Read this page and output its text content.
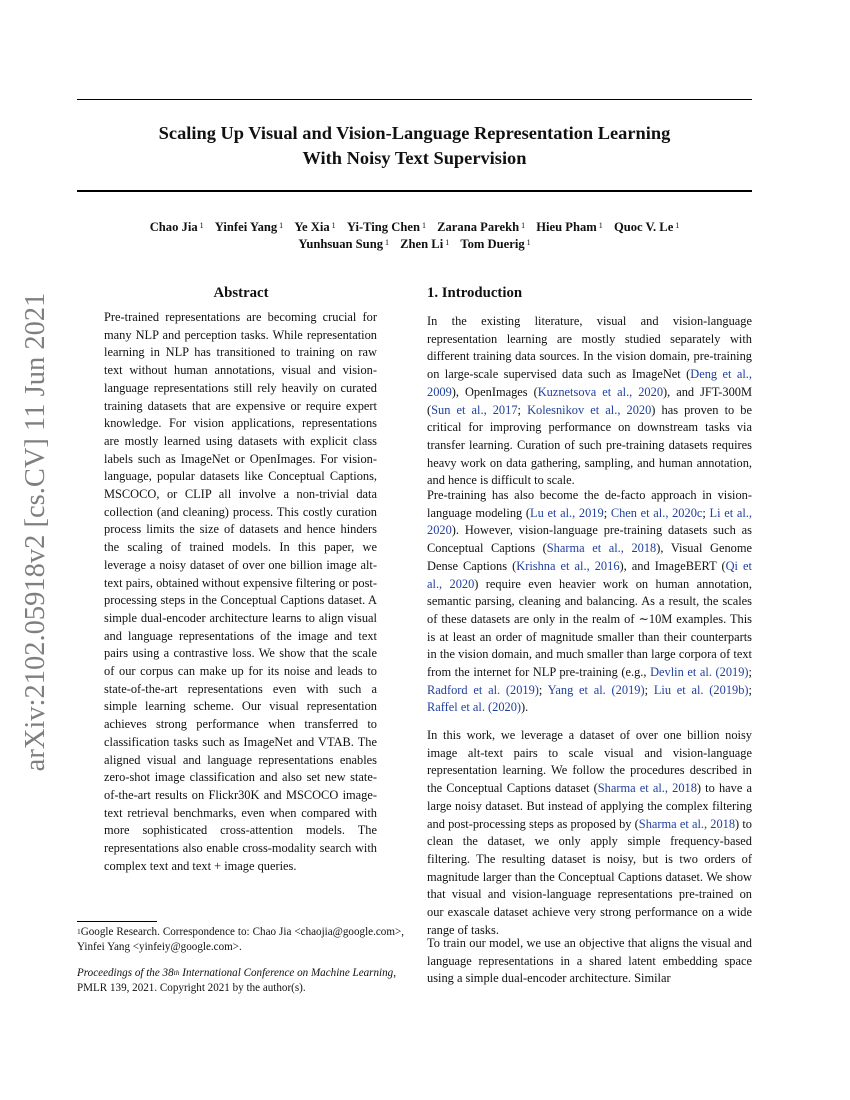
Scaling Up Visual and Vision-Language Representation Learning
With Noisy Text Supervision
Chao Jia $^1$ Yinfei Yang $^1$ Ye Xia $^1$ Yi-Ting Chen $^1$ Zarana Parekh $^1$ Hieu Pham $^1$ Quoc V. Le $^1$
Yunhsuan Sung $^1$ Zhen Li $^1$ Tom Duerig $^1$
arXiv:2102.05918v2 [cs.CV] 11 Jun 2021	Abstract
Pre-trained representations are becoming crucial for many NLP and perception tasks. While representation learning in NLP has transitioned to training on raw text without human annotations, visual and vision-language representations still rely heavily on curated training datasets that are expensive or require expert knowledge. For vision applications, representations are mostly learned using datasets with explicit class labels such as ImageNet or OpenImages. For vision-language, popular datasets like Conceptual Captions, MSCOCO, or CLIP all involve a non-trivial data collection (and cleaning) process. This costly curation process limits the size of datasets and hence hinders the scaling of trained models. In this paper, we leverage a noisy dataset of over one billion image alt-text pairs, obtained without expensive filtering or post-processing steps in the Conceptual Captions dataset. A simple dual-encoder architecture learns to align visual and language representations of the image and text pairs using a contrastive loss. We show that the scale of our corpus can make up for its noise and leads to state-of-the-art representations even with such a simple learning scheme. Our visual representation achieves strong performance when transferred to classification tasks such as ImageNet and VTAB. The aligned visual and language representations enables zero-shot image classification and also set new state-of-the-art results on Flickr30K and MSCOCO image-text retrieval benchmarks, even when compared with more sophisticated cross-attention models. The representations also enable cross-modality search with complex text and text + image queries.
1. Introduction
In the existing literature, visual and vision-language representation learning are mostly studied separately with different training data sources. In the vision domain, pre-training on large-scale supervised data such as ImageNet (Deng et al., 2009), OpenImages (Kuznetsova et al., 2020), and JFT-300M (Sun et al., 2017; Kolesnikov et al., 2020) has proven to be critical for improving performance on downstream tasks via transfer learning. Curation of such pre-training datasets requires heavy work on data gathering, sampling, and human annotation, and hence is difficult to scale.
Pre-training has also become the de-facto approach in vision-language modeling (Lu et al., 2019; Chen et al., 2020c; Li et al., 2020). However, vision-language pre-training datasets such as Conceptual Captions (Sharma et al., 2018), Visual Genome Dense Captions (Krishna et al., 2016), and ImageBERT (Qi et al., 2020) require even heavier work on human annotation, semantic parsing, cleaning and balancing. As a result, the scales of these datasets are only in the realm of ∼10M examples. This is at least an order of magnitude smaller than their counterparts in the vision domain, and much smaller than large corpora of text from the internet for NLP pre-training (e.g., Devlin et al. (2019); Radford et al. (2019); Yang et al. (2019); Liu et al. (2019b); Raffel et al. (2020)).
In this work, we leverage a dataset of over one billion noisy image alt-text pairs to scale visual and vision-language representation learning. We follow the procedures described in the Conceptual Captions dataset (Sharma et al., 2018) to have a large noisy dataset. But instead of applying the complex filtering and post-processing steps as proposed by (Sharma et al., 2018) to clean the dataset, we only apply simple frequency-based filtering. The resulting dataset is noisy, but is two orders of magnitude larger than the Conceptual Captions dataset. We show that visual and vision-language representations pre-trained on our exascale dataset achieve very strong performance on a wide range of tasks.
To train our model, we use an objective that aligns the visual and language representations in a shared latent embedding space using a simple dual-encoder architecture. Similar
$^1$Google Research. Correspondence to: Chao Jia <chaojia@google.com>, Yinfei Yang <yinfeiy@google.com>.
Proceedings of the 38th International Conference on Machine Learning, PMLR 139, 2021. Copyright 2021 by the author(s).
